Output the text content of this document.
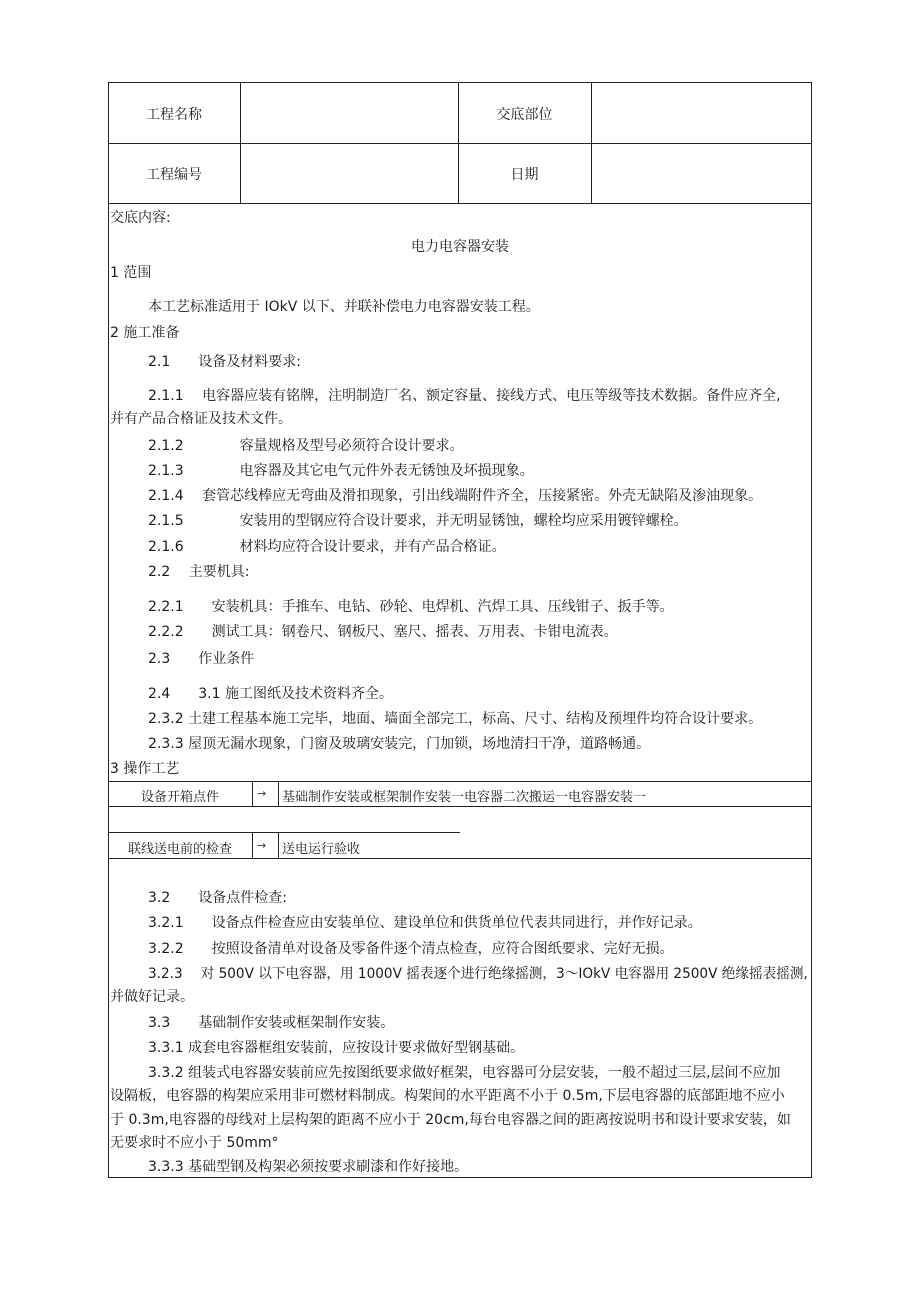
工程名称	交底部位
工程编号	日期
交底内容:
电力电容器安装
1 范围
本工艺标准适用于 IOkV 以下、并联补偿电力电容器安装工程。
2 施工准备
2.1　　设备及材料要求:
2.1.1　 电容器应装有铭牌，注明制造厂名、额定容量、接线方式、电压等级等技术数据。备件应齐全,
并有产品合格证及技术文件。
2.1.2　　　　容量规格及型号必须符合设计要求。
2.1.3　　　　电容器及其它电气元件外表无锈蚀及坏损现象。
2.1.4　 套管芯线棒应无弯曲及滑扣现象，引出线端附件齐全，压接紧密。外壳无缺陷及渗油现象。
2.1.5　　　　安装用的型钢应符合设计要求，并无明显锈蚀，螺栓均应采用镀锌螺栓。
2.1.6　　　　材料均应符合设计要求，并有产品合格证。
2.2　 主要机具:
2.2.1　　安装机具：手推车、电钻、砂轮、电焊机、汽焊工具、压线钳子、扳手等。
2.2.2　　测试工具：钢卷尺、钢板尺、塞尺、摇表、万用表、卡钳电流表。
2.3　　作业条件
2.4　　3.1 施工图纸及技术资料齐全。
2.3.2 土建工程基本施工完毕，地面、墙面全部完工，标高、尺寸、结构及预埋件均符合设计要求。
2.3.3 屋顶无漏水现象，门窗及玻璃安装完，门加锁，场地清扫干净，道路畅通。
3 操作工艺
设备开箱点件	→ 基础制作安装或框架制作安装一电容器二次搬运一电容器安装一
联线送电前的检查	→ 送电运行验收
3.2　　设备点件检查:
3.2.1　　设备点件检查应由安装单位、建设单位和供货单位代表共同进行，并作好记录。
3.2.2　　按照设备清单对设备及零备件逐个清点检查，应符合图纸要求、完好无损。
3.2.3　 对 500V 以下电容器，用 1000V 摇表逐个进行绝缘摇测，3～IOkV 电容器用 2500V 绝缘摇表摇测,
并做好记录。
3.3　　基础制作安装或框架制作安装。
3.3.1 成套电容器框组安装前，应按设计要求做好型钢基础。
3.3.2 组装式电容器安装前应先按图纸要求做好框架，电容器可分层安装，一般不超过三层,层间不应加
设隔板，电容器的构架应采用非可燃材料制成。构架间的水平距离不小于 0.5m,下层电容器的底部距地不应小
于 0.3m,电容器的母线对上层构架的距离不应小于 20cm,每台电容器之间的距离按说明书和设计要求安装，如
无要求时不应小于 50mm°
3.3.3 基础型钢及构架必须按要求刷漆和作好接地。
